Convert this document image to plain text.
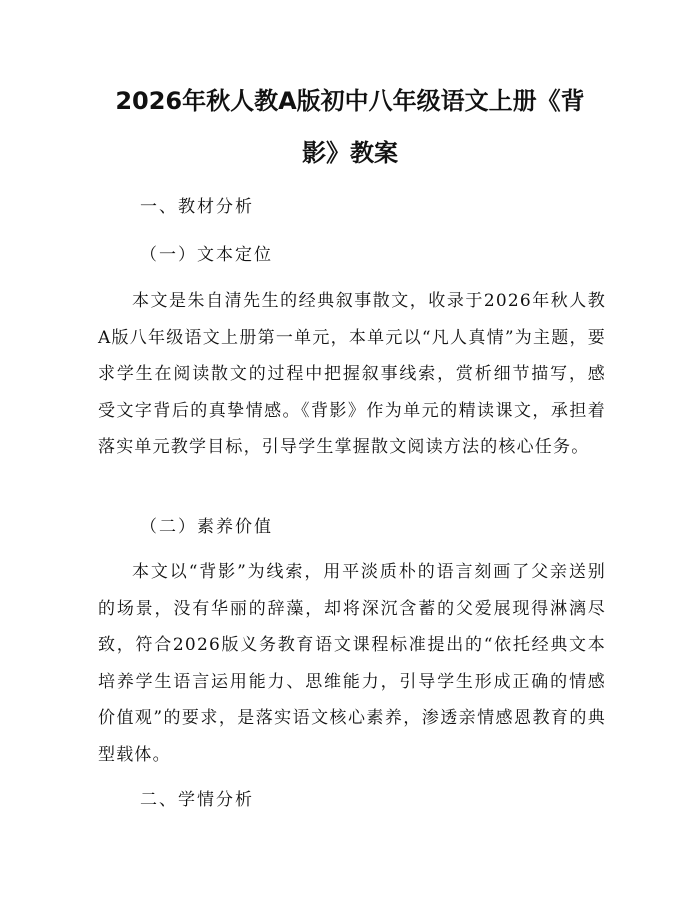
2026年秋人教A版初中八年级语文上册《背
影》教案

一、教材分析

（一）文本定位

本文是朱自清先生的经典叙事散文，收录于2026年秋人教A版八年级语文上册第一单元，本单元以“凡人真情”为主题，要求学生在阅读散文的过程中把握叙事线索，赏析细节描写，感受文字背后的真挚情感。《背影》作为单元的精读课文，承担着落实单元教学目标，引导学生掌握散文阅读方法的核心任务。

（二）素养价值

本文以“背影”为线索，用平淡质朴的语言刻画了父亲送别的场景，没有华丽的辞藻，却将深沉含蓄的父爱展现得淋漓尽致，符合2026版义务教育语文课程标准提出的“依托经典文本培养学生语言运用能力、思维能力，引导学生形成正确的情感价值观”的要求，是落实语文核心素养，渗透亲情感恩教育的典型载体。

二、学情分析
